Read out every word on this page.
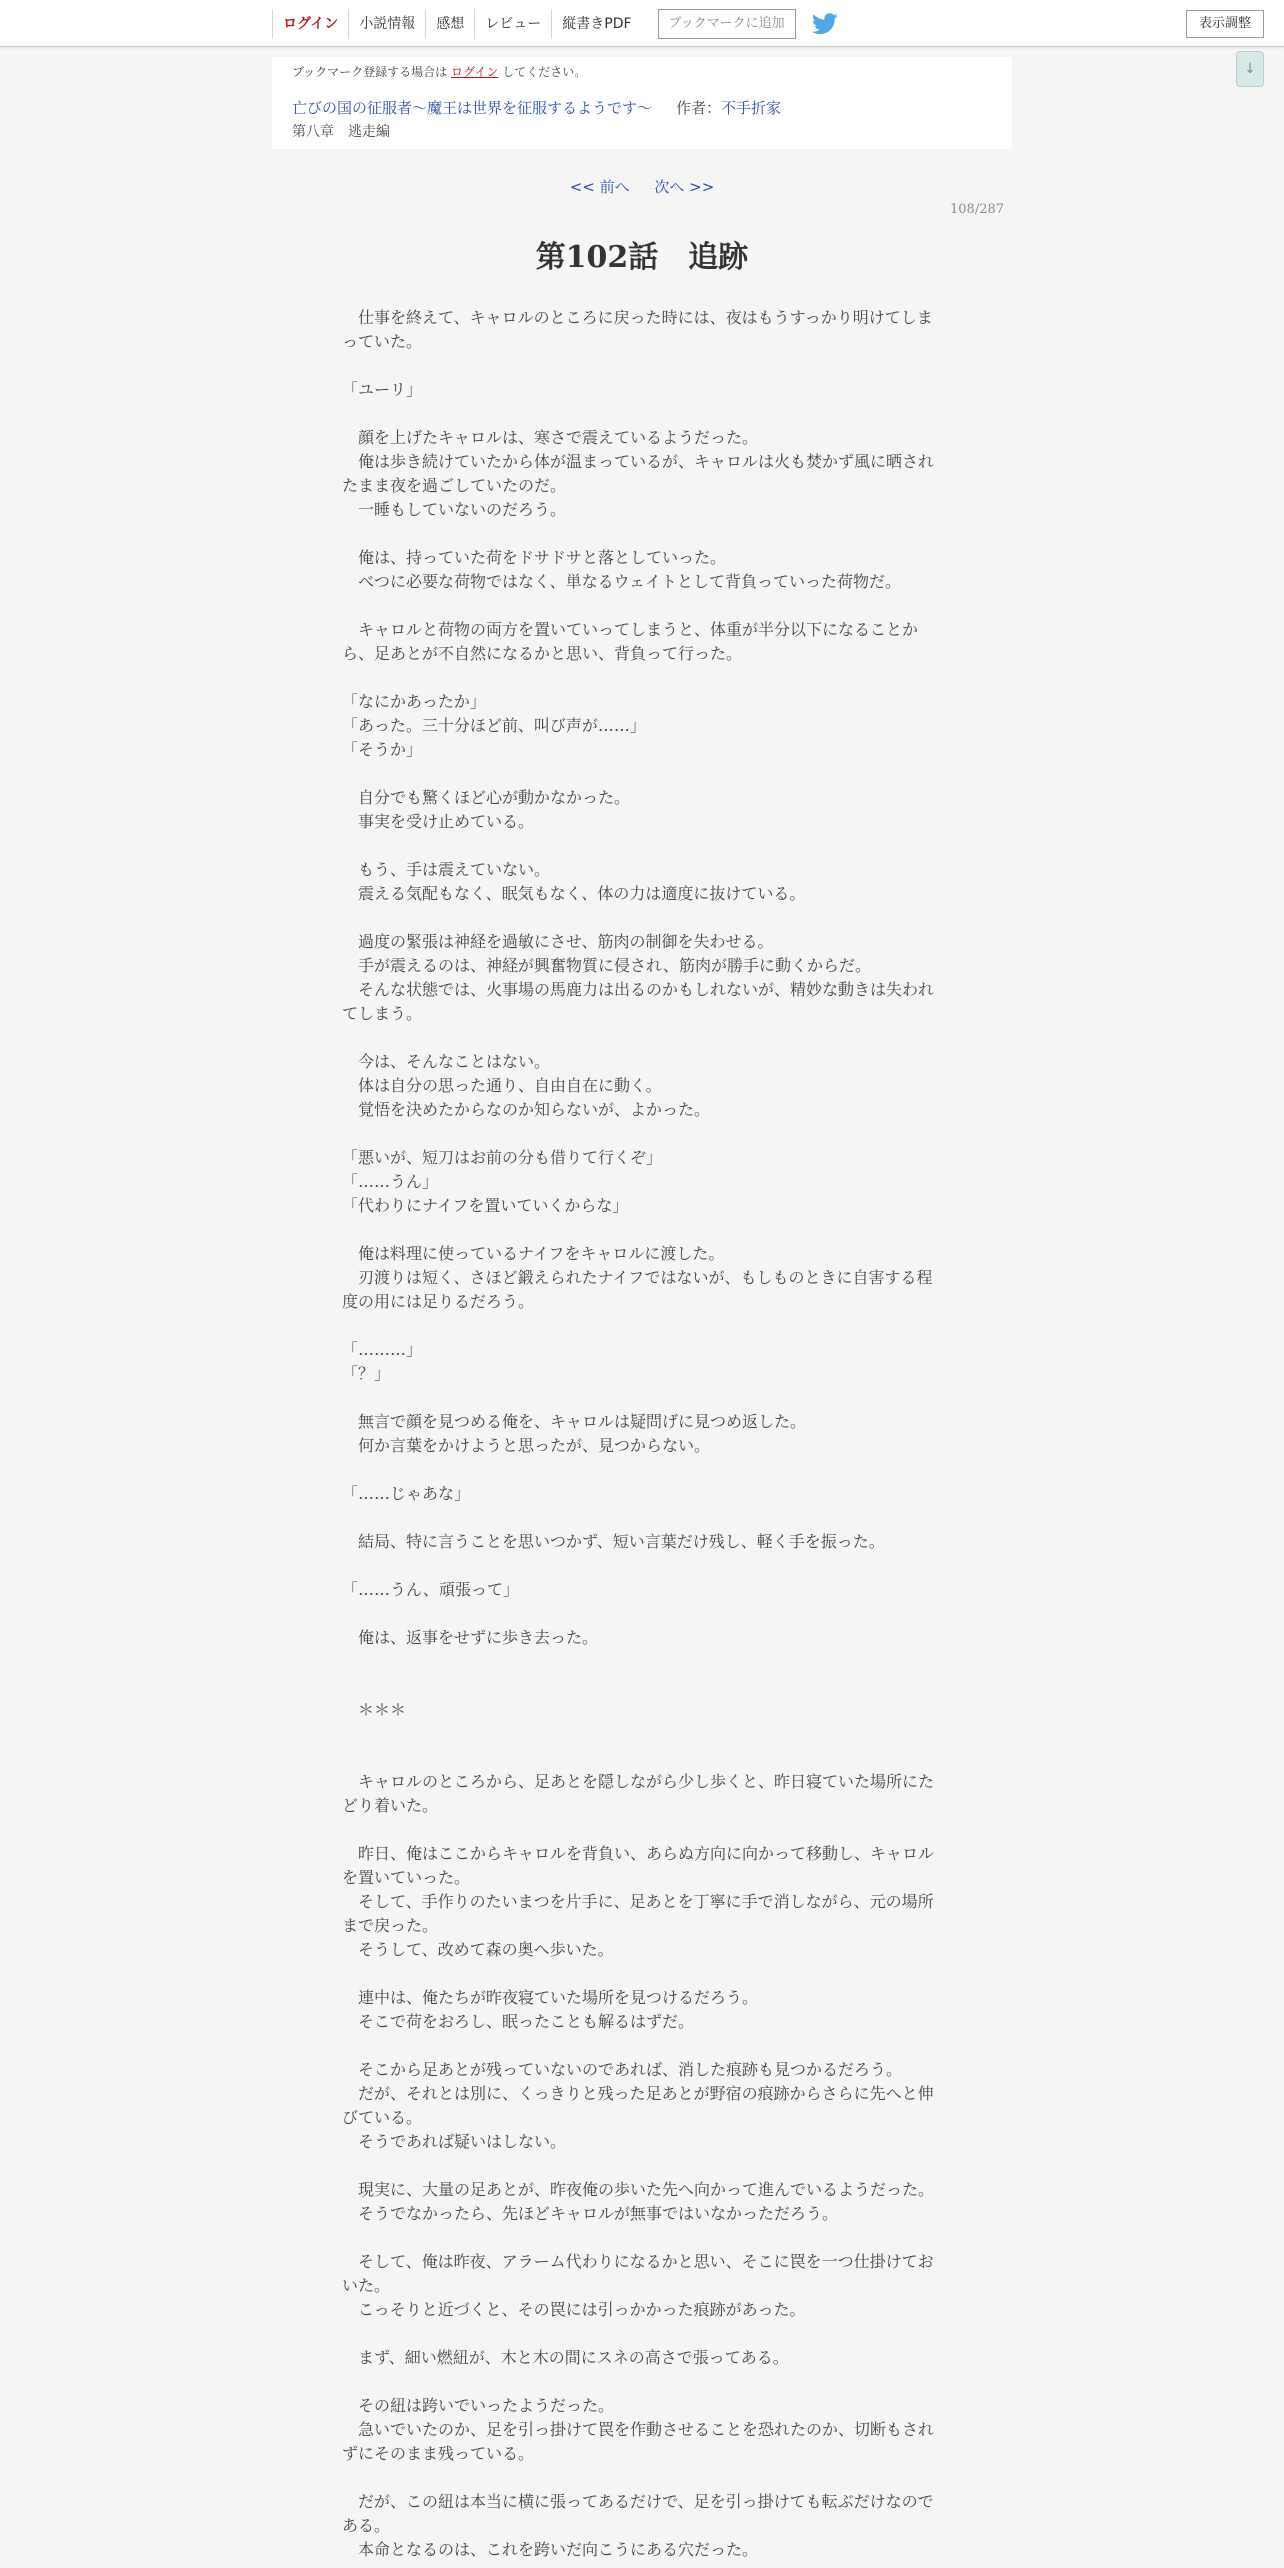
ログイン	小説情報	感想	レビュー	縦書きPDF	ブックマークに追加	表示調整
↓
ブックマーク登録する場合は ログイン してください。
亡びの国の征服者～魔王は世界を征服するようです～ 作者：不手折家
第八章　逃走編
<< 前へ 次へ >>
108/287
第102話　追跡

　仕事を終えて、キャロルのところに戻った時には、夜はもうすっかり明けてしま

っていた。

「ユーリ」

　顔を上げたキャロルは、寒さで震えているようだった。

　俺は歩き続けていたから体が温まっているが、キャロルは火も焚かず風に晒され

たまま夜を過ごしていたのだ。

　一睡もしていないのだろう。

　俺は、持っていた荷をドサドサと落としていった。

　べつに必要な荷物ではなく、単なるウェイトとして背負っていった荷物だ。

　キャロルと荷物の両方を置いていってしまうと、体重が半分以下になることか

ら、足あとが不自然になるかと思い、背負って行った。

「なにかあったか」

「あった。三十分ほど前、叫び声が……」

「そうか」

　自分でも驚くほど心が動かなかった。

　事実を受け止めている。

　もう、手は震えていない。

　震える気配もなく、眠気もなく、体の力は適度に抜けている。

　過度の緊張は神経を過敏にさせ、筋肉の制御を失わせる。

　手が震えるのは、神経が興奮物質に侵され、筋肉が勝手に動くからだ。

　そんな状態では、火事場の馬鹿力は出るのかもしれないが、精妙な動きは失われ

てしまう。

　今は、そんなことはない。

　体は自分の思った通り、自由自在に動く。

　覚悟を決めたからなのか知らないが、よかった。

「悪いが、短刀はお前の分も借りて行くぞ」

「……うん」

「代わりにナイフを置いていくからな」

　俺は料理に使っているナイフをキャロルに渡した。

　刃渡りは短く、さほど鍛えられたナイフではないが、もしものときに自害する程

度の用には足りるだろう。

「………」

「？」

　無言で顔を見つめる俺を、キャロルは疑問げに見つめ返した。

　何か言葉をかけようと思ったが、見つからない。

「……じゃあな」

　結局、特に言うことを思いつかず、短い言葉だけ残し、軽く手を振った。

「……うん、頑張って」

　俺は、返事をせずに歩き去った。

　＊＊＊

　キャロルのところから、足あとを隠しながら少し歩くと、昨日寝ていた場所にた

どり着いた。

　昨日、俺はここからキャロルを背負い、あらぬ方向に向かって移動し、キャロル

を置いていった。

　そして、手作りのたいまつを片手に、足あとを丁寧に手で消しながら、元の場所

まで戻った。

　そうして、改めて森の奥へ歩いた。

　連中は、俺たちが昨夜寝ていた場所を見つけるだろう。

　そこで荷をおろし、眠ったことも解るはずだ。

　そこから足あとが残っていないのであれば、消した痕跡も見つかるだろう。

　だが、それとは別に、くっきりと残った足あとが野宿の痕跡からさらに先へと伸

びている。

　そうであれば疑いはしない。

　現実に、大量の足あとが、昨夜俺の歩いた先へ向かって進んでいるようだった。

　そうでなかったら、先ほどキャロルが無事ではいなかっただろう。

　そして、俺は昨夜、アラーム代わりになるかと思い、そこに罠を一つ仕掛けてお

いた。

　こっそりと近づくと、その罠には引っかかった痕跡があった。

　まず、細い燃紐が、木と木の間にスネの高さで張ってある。

　その紐は跨いでいったようだった。

　急いでいたのか、足を引っ掛けて罠を作動させることを恐れたのか、切断もされ

ずにそのまま残っている。

　だが、この紐は本当に横に張ってあるだけで、足を引っ掛けても転ぶだけなので

ある。

　本命となるのは、これを跨いだ向こうにある穴だった。
